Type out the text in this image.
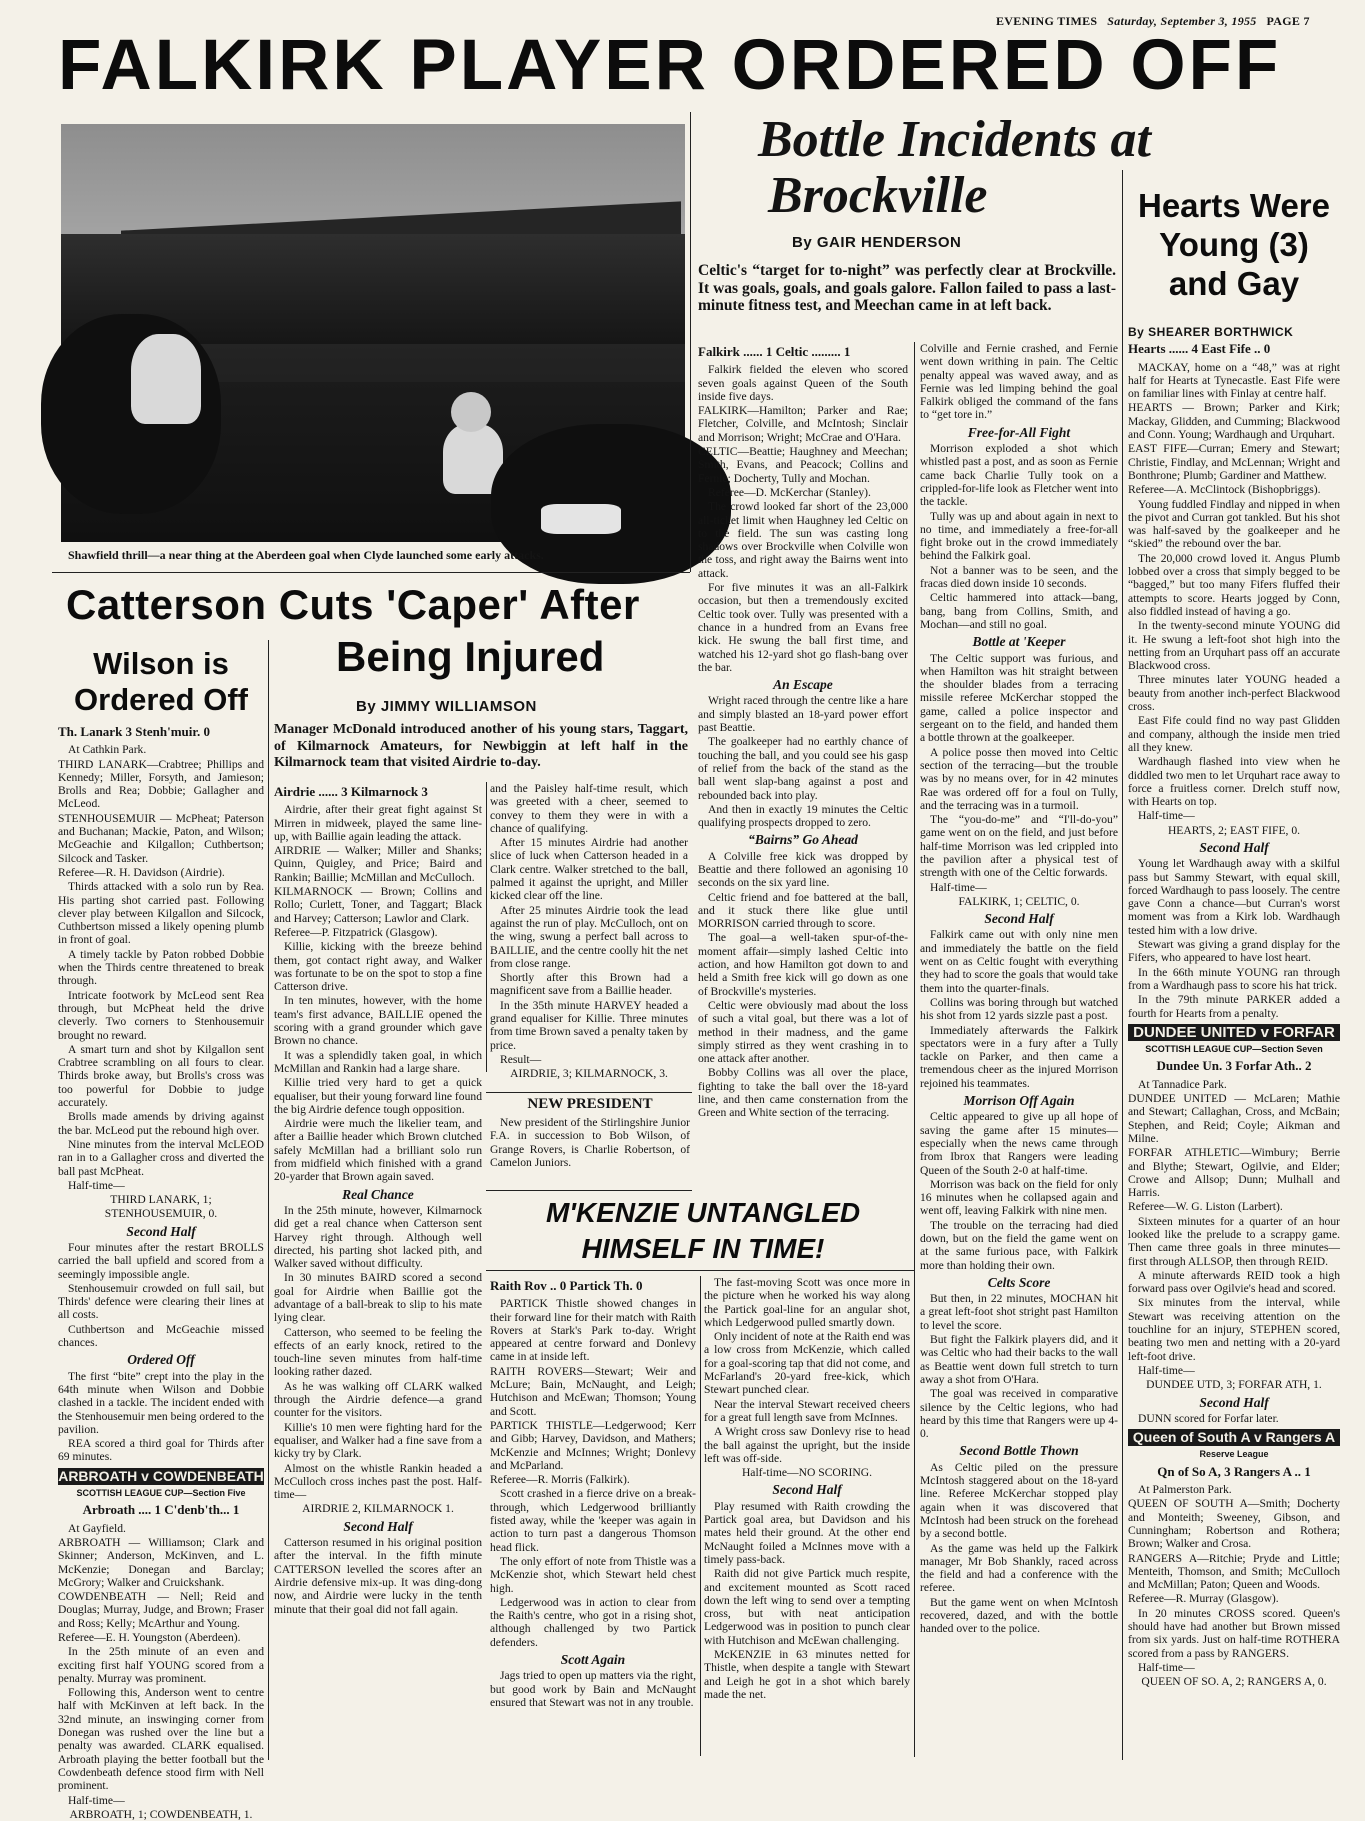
EVENING TIMES Saturday, September 3, 1955 PAGE 7
FALKIRK PLAYER ORDERED OFF
Shawfield thrill—a near thing at the Aberdeen goal when Clyde launched some early attacks.
Bottle Incidents at
Brockville
By GAIR HENDERSON
Celtic's “target for to-night” was perfectly clear at Brockville. It was goals, goals, and goals galore. Fallon failed to pass a last-minute fitness test, and Meechan came in at left back.
Falkirk ...... 1 Celtic ......... 1

Falkirk fielded the eleven who scored seven goals against Queen of the South inside five days.

FALKIRK—Hamilton; Parker and Rae; Fletcher, Colville, and McIntosh; Sinclair and Morrison; Wright; McCrae and O'Hara.

CELTIC—Beattie; Haughney and Meechan; Smith, Evans, and Peacock; Collins and Fernie; Docherty, Tully and Mochan.

Referee—D. McKerchar (Stanley).

The crowd looked far short of the 23,000 all-ticket limit when Haughney led Celtic on to the field. The sun was casting long shadows over Brockville when Colville won the toss, and right away the Bairns went into attack.

For five minutes it was an all-Falkirk occasion, but then a tremendously excited Celtic took over. Tully was presented with a chance in a hundred from an Evans free kick. He swung the ball first time, and watched his 12-yard shot go flash-bang over the bar.

An Escape

Wright raced through the centre like a hare and simply blasted an 18-yard power effort past Beattie.

The goalkeeper had no earthly chance of touching the ball, and you could see his gasp of relief from the back of the stand as the ball went slap-bang against a post and rebounded back into play.

And then in exactly 19 minutes the Celtic qualifying prospects dropped to zero.

“Bairns” Go Ahead

A Colville free kick was dropped by Beattie and there followed an agonising 10 seconds on the six yard line.

Celtic friend and foe battered at the ball, and it stuck there like glue until MORRISON carried through to score.

The goal—a well-taken spur-of-the-moment affair—simply lashed Celtic into action, and how Hamilton got down to and held a Smith free kick will go down as one of Brockville's mysteries.

Celtic were obviously mad about the loss of such a vital goal, but there was a lot of method in their madness, and the game simply stirred as they went crashing in to one attack after another.

Bobby Collins was all over the place, fighting to take the ball over the 18-yard line, and then came consternation from the Green and White section of the terracing.

Colville and Fernie crashed, and Fernie went down writhing in pain. The Celtic penalty appeal was waved away, and as Fernie was led limping behind the goal Falkirk obliged the command of the fans to “get tore in.”

Free-for-All Fight

Morrison exploded a shot which whistled past a post, and as soon as Fernie came back Charlie Tully took on a crippled-for-life look as Fletcher went into the tackle.

Tully was up and about again in next to no time, and immediately a free-for-all fight broke out in the crowd immediately behind the Falkirk goal.

Not a banner was to be seen, and the fracas died down inside 10 seconds.

Celtic hammered into attack—bang, bang, bang from Collins, Smith, and Mochan—and still no goal.

Bottle at 'Keeper

The Celtic support was furious, and when Hamilton was hit straight between the shoulder blades from a terracing missile referee McKerchar stopped the game, called a police inspector and sergeant on to the field, and handed them a bottle thrown at the goalkeeper.

A police posse then moved into Celtic section of the terracing—but the trouble was by no means over, for in 42 minutes Rae was ordered off for a foul on Tully, and the terracing was in a turmoil.

The “you-do-me” and “I'll-do-you” game went on on the field, and just before half-time Morrison was led crippled into the pavilion after a physical test of strength with one of the Celtic forwards.

Half-time—

FALKIRK, 1; CELTIC, 0.

Second Half

Falkirk came out with only nine men and immediately the battle on the field went on as Celtic fought with everything they had to score the goals that would take them into the quarter-finals.

Collins was boring through but watched his shot from 12 yards sizzle past a post.

Immediately afterwards the Falkirk spectators were in a fury after a Tully tackle on Parker, and then came a tremendous cheer as the injured Morrison rejoined his teammates.

Morrison Off Again

Celtic appeared to give up all hope of saving the game after 15 minutes—especially when the news came through from Ibrox that Rangers were leading Queen of the South 2-0 at half-time.

Morrison was back on the field for only 16 minutes when he collapsed again and went off, leaving Falkirk with nine men.

The trouble on the terracing had died down, but on the field the game went on at the same furious pace, with Falkirk more than holding their own.

Celts Score

But then, in 22 minutes, MOCHAN hit a great left-foot shot stright past Hamilton to level the score.

But fight the Falkirk players did, and it was Celtic who had their backs to the wall as Beattie went down full stretch to turn away a shot from O'Hara.

The goal was received in comparative silence by the Celtic legions, who had heard by this time that Rangers were up 4-0.

Second Bottle Thown

As Celtic piled on the pressure McIntosh staggered about on the 18-yard line. Referee McKerchar stopped play again when it was discovered that McIntosh had been struck on the forehead by a second bottle.

As the game was held up the Falkirk manager, Mr Bob Shankly, raced across the field and had a conference with the referee.

But the game went on when McIntosh recovered, dazed, and with the bottle handed over to the police.

Hearts Were Young (3) and Gay
By SHEARER BORTHWICK
Hearts ...... 4 East Fife .. 0

MACKAY, home on a “48,” was at right half for Hearts at Tynecastle. East Fife were on familiar lines with Finlay at centre half.

HEARTS — Brown; Parker and Kirk; Mackay, Glidden, and Cumming; Blackwood and Conn. Young; Wardhaugh and Urquhart.

EAST FIFE—Curran; Emery and Stewart; Christie, Findlay, and McLennan; Wright and Bonthrone; Plumb; Gardiner and Matthew.

Referee—A. McClintock (Bishopbriggs).

Young fuddled Findlay and nipped in when the pivot and Curran got tankled. But his shot was half-saved by the goalkeeper and he “skied” the rebound over the bar.

The 20,000 crowd loved it. Angus Plumb lobbed over a cross that simply begged to be “bagged,” but too many Fifers fluffed their attempts to score. Hearts jogged by Conn, also fiddled instead of having a go.

In the twenty-second minute YOUNG did it. He swung a left-foot shot high into the netting from an Urquhart pass off an accurate Blackwood cross.

Three minutes later YOUNG headed a beauty from another inch-perfect Blackwood cross.

East Fife could find no way past Glidden and company, although the inside men tried all they knew.

Wardhaugh flashed into view when he diddled two men to let Urquhart race away to force a fruitless corner. Drelch stuff now, with Hearts on top.

Half-time—

HEARTS, 2; EAST FIFE, 0.

Second Half

Young let Wardhaugh away with a skilful pass but Sammy Stewart, with equal skill, forced Wardhaugh to pass loosely. The centre gave Conn a chance—but Curran's worst moment was from a Kirk lob. Wardhaugh tested him with a low drive.

Stewart was giving a grand display for the Fifers, who appeared to have lost heart.

In the 66th minute YOUNG ran through from a Wardhaugh pass to score his hat trick.

In the 79th minute PARKER added a fourth for Hearts from a penalty.

DUNDEE UNITED v FORFAR
SCOTTISH LEAGUE CUP—Section Seven
Dundee Un. 3 Forfar Ath.. 2

At Tannadice Park.

DUNDEE UNITED — McLaren; Mathie and Stewart; Callaghan, Cross, and McBain; Stephen, and Reid; Coyle; Aikman and Milne.

FORFAR ATHLETIC—Wimbury; Berrie and Blythe; Stewart, Ogilvie, and Elder; Crowe and Allsop; Dunn; Mulhall and Harris.

Referee—W. G. Liston (Larbert).

Sixteen minutes for a quarter of an hour looked like the prelude to a scrappy game. Then came three goals in three minutes—first through ALLSOP, then through REID.

A minute afterwards REID took a high forward pass over Ogilvie's head and scored.

Six minutes from the interval, while Stewart was receiving attention on the touchline for an injury, STEPHEN scored, beating two men and netting with a 20-yard left-foot drive.

Half-time—

DUNDEE UTD, 3; FORFAR ATH, 1.

Second Half

DUNN scored for Forfar later.

Queen of South A v Rangers A
Reserve League
Qn of So A, 3 Rangers A .. 1

At Palmerston Park.

QUEEN OF SOUTH A—Smith; Docherty and Monteith; Sweeney, Gibson, and Cunningham; Robertson and Rothera; Brown; Walker and Crosa.

RANGERS A—Ritchie; Pryde and Little; Menteith, Thomson, and Smith; McCulloch and McMillan; Paton; Queen and Woods.

Referee—R. Murray (Glasgow).

In 20 minutes CROSS scored. Queen's should have had another but Brown missed from six yards. Just on half-time ROTHERA scored from a pass by RANGERS.

Half-time—

QUEEN OF SO. A, 2; RANGERS A, 0.

Catterson Cuts 'Caper' After
Being Injured
By JIMMY WILLIAMSON
Manager McDonald introduced another of his young stars, Taggart, of Kilmarnock Amateurs, for Newbiggin at left half in the Kilmarnock team that visited Airdrie to-day.
Airdrie ...... 3 Kilmarnock 3

Airdrie, after their great fight against St Mirren in midweek, played the same line-up, with Baillie again leading the attack.

AIRDRIE — Walker; Miller and Shanks; Quinn, Quigley, and Price; Baird and Rankin; Baillie; McMillan and McCulloch.

KILMARNOCK — Brown; Collins and Rollo; Curlett, Toner, and Taggart; Black and Harvey; Catterson; Lawlor and Clark.

Referee—P. Fitzpatrick (Glasgow).

Killie, kicking with the breeze behind them, got contact right away, and Walker was fortunate to be on the spot to stop a fine Catterson drive.

In ten minutes, however, with the home team's first advance, BAILLIE opened the scoring with a grand grounder which gave Brown no chance.

It was a splendidly taken goal, in which McMillan and Rankin had a large share.

Killie tried very hard to get a quick equaliser, but their young forward line found the big Airdrie defence tough opposition.

Airdrie were much the likelier team, and after a Baillie header which Brown clutched safely McMillan had a brilliant solo run from midfield which finished with a grand 20-yarder that Brown again saved.

Real Chance

In the 25th minute, however, Kilmarnock did get a real chance when Catterson sent Harvey right through. Although well directed, his parting shot lacked pith, and Walker saved without difficulty.

In 30 minutes BAIRD scored a second goal for Airdrie when Baillie got the advantage of a ball-break to slip to his mate lying clear.

Catterson, who seemed to be feeling the effects of an early knock, retired to the touch-line seven minutes from half-time looking rather dazed.

As he was walking off CLARK walked through the Airdrie defence—a grand counter for the visitors.

Killie's 10 men were fighting hard for the equaliser, and Walker had a fine save from a kicky try by Clark.

Almost on the whistle Rankin headed a McCulloch cross inches past the post. Half-time—

AIRDRIE 2, KILMARNOCK 1.

Second Half

Catterson resumed in his original position after the interval. In the fifth minute CATTERSON levelled the scores after an Airdrie defensive mix-up. It was ding-dong now, and Airdrie were lucky in the tenth minute that their goal did not fall again.

and the Paisley half-time result, which was greeted with a cheer, seemed to convey to them they were in with a chance of qualifying.

After 15 minutes Airdrie had another slice of luck when Catterson headed in a Clark centre. Walker stretched to the ball, palmed it against the upright, and Miller kicked clear off the line.

After 25 minutes Airdrie took the lead against the run of play. McCulloch, ont on the wing, swung a perfect ball across to BAILLIE, and the centre coolly hit the net from close range.

Shortly after this Brown had a magnificent save from a Baillie header.

In the 35th minute HARVEY headed a grand equaliser for Killie. Three minutes from time Brown saved a penalty taken by price.

Result—

AIRDRIE, 3; KILMARNOCK, 3.

NEW PRESIDENT

New president of the Stirlingshire Junior F.A. in succession to Bob Wilson, of Grange Rovers, is Charlie Robertson, of Camelon Juniors.

M'KENZIE UNTANGLED
HIMSELF IN TIME!
Raith Rov .. 0 Partick Th. 0

PARTICK Thistle showed changes in their forward line for their match with Raith Rovers at Stark's Park to-day. Wright appeared at centre forward and Donlevy came in at inside left.

RAITH ROVERS—Stewart; Weir and McLure; Bain, McNaught, and Leigh; Hutchison and McEwan; Thomson; Young and Scott.

PARTICK THISTLE—Ledgerwood; Kerr and Gibb; Harvey, Davidson, and Mathers; McKenzie and McInnes; Wright; Donlevy and McParland.

Referee—R. Morris (Falkirk).

Scott crashed in a fierce drive on a break-through, which Ledgerwood brilliantly fisted away, while the 'keeper was again in action to turn past a dangerous Thomson head flick.

The only effort of note from Thistle was a McKenzie shot, which Stewart held chest high.

Ledgerwood was in action to clear from the Raith's centre, who got in a rising shot, although challenged by two Partick defenders.

Scott Again

Jags tried to open up matters via the right, but good work by Bain and McNaught ensured that Stewart was not in any trouble.

The fast-moving Scott was once more in the picture when he worked his way along the Partick goal-line for an angular shot, which Ledgerwood pulled smartly down.

Only incident of note at the Raith end was a low cross from McKenzie, which called for a goal-scoring tap that did not come, and McFarland's 20-yard free-kick, which Stewart punched clear.

Near the interval Stewart received cheers for a great full length save from McInnes.

A Wright cross saw Donlevy rise to head the ball against the upright, but the inside left was off-side.

Half-time—NO SCORING.

Second Half

Play resumed with Raith crowding the Partick goal area, but Davidson and his mates held their ground. At the other end McNaught foiled a McInnes move with a timely pass-back.

Raith did not give Partick much respite, and excitement mounted as Scott raced down the left wing to send over a tempting cross, but with neat anticipation Ledgerwood was in position to punch clear with Hutchison and McEwan challenging.

McKENZIE in 63 minutes netted for Thistle, when despite a tangle with Stewart and Leigh he got in a shot which barely made the net.

Wilson is Ordered Off
Th. Lanark 3 Stenh'muir. 0

At Cathkin Park.

THIRD LANARK—Crabtree; Phillips and Kennedy; Miller, Forsyth, and Jamieson; Brolls and Rea; Dobbie; Gallagher and McLeod.

STENHOUSEMUIR — McPheat; Paterson and Buchanan; Mackie, Paton, and Wilson; McGeachie and Kilgallon; Cuthbertson; Silcock and Tasker.

Referee—R. H. Davidson (Airdrie).

Thirds attacked with a solo run by Rea. His parting shot carried past. Following clever play between Kilgallon and Silcock, Cuthbertson missed a likely opening plumb in front of goal.

A timely tackle by Paton robbed Dobbie when the Thirds centre threatened to break through.

Intricate footwork by McLeod sent Rea through, but McPheat held the drive cleverly. Two corners to Stenhousemuir brought no reward.

A smart turn and shot by Kilgallon sent Crabtree scrambling on all fours to clear. Thirds broke away, but Brolls's cross was too powerful for Dobbie to judge accurately.

Brolls made amends by driving against the bar. McLeod put the rebound high over.

Nine minutes from the interval McLEOD ran in to a Gallagher cross and diverted the ball past McPheat.

Half-time—

THIRD LANARK, 1;

STENHOUSEMUIR, 0.

Second Half

Four minutes after the restart BROLLS carried the ball upfield and scored from a seemingly impossible angle.

Stenhousemuir crowded on full sail, but Thirds' defence were clearing their lines at all costs.

Cuthbertson and McGeachie missed chances.

Ordered Off

The first “bite” crept into the play in the 64th minute when Wilson and Dobbie clashed in a tackle. The incident ended with the Stenhousemuir men being ordered to the pavilion.

REA scored a third goal for Thirds after 69 minutes.

ARBROATH v COWDENBEATH
SCOTTISH LEAGUE CUP—Section Five
Arbroath .... 1 C'denb'th... 1

At Gayfield.

ARBROATH — Williamson; Clark and Skinner; Anderson, McKinven, and L. McKenzie; Donegan and Barclay; McGrory; Walker and Cruickshank.

COWDENBEATH — Nell; Reid and Douglas; Murray, Judge, and Brown; Fraser and Ross; Kelly; McArthur and Young.

Referee—E. H. Youngston (Aberdeen).

In the 25th minute of an even and exciting first half YOUNG scored from a penalty. Murray was prominent.

Following this, Anderson went to centre half with McKinven at left back. In the 32nd minute, an inswinging corner from Donegan was rushed over the line but a penalty was awarded. CLARK equalised. Arbroath playing the better football but the Cowdenbeath defence stood firm with Nell prominent.

Half-time—

ARBROATH, 1; COWDENBEATH, 1.
